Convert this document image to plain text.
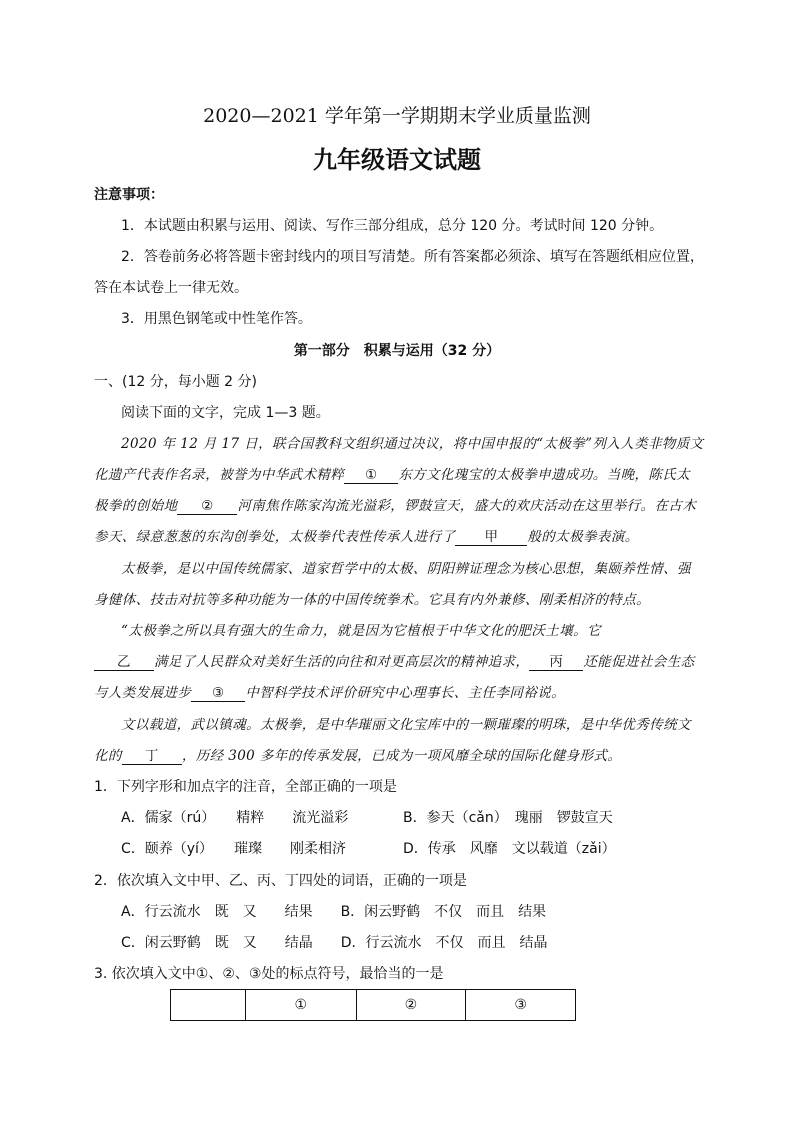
2020—2021 学年第一学期期末学业质量监测
九年级语文试题
注意事项：
1．本试题由积累与运用、阅读、写作三部分组成，总分 120 分。考试时间 120 分钟。
2．答卷前务必将答题卡密封线内的项目写清楚。所有答案都必须涂、填写在答题纸相应位置，
答在本试卷上一律无效。
3．用黑色钢笔或中性笔作答。
第一部分　积累与运用（32 分）
一、(12 分，每小题 2 分)
阅读下面的文字，完成 1—3 题。
2020 年 12 月 17 日，联合国教科文组织通过决议，将中国申报的“太极拳”列入人类非物质文
化遗产代表作名录，被誉为中华武术精粹 ① 东方文化瑰宝的太极拳申遗成功。当晚，陈氏太
极拳的创始地 ② 河南焦作陈家沟流光溢彩，锣鼓宣天，盛大的欢庆活动在这里举行。在古木
参天、绿意葱葱的东沟创拳处，太极拳代表性传承人进行了 甲 般的太极拳表演。
太极拳，是以中国传统儒家、道家哲学中的太极、阴阳辨证理念为核心思想，集颐养性情、强
身健体、技击对抗等多种功能为一体的中国传统拳术。它具有内外兼修、刚柔相济的特点。
“太极拳之所以具有强大的生命力，就是因为它植根于中华文化的肥沃土壤。它
乙 满足了人民群众对美好生活的向往和对更高层次的精神追求， 丙 还能促进社会生态
与人类发展进步 ③ 中智科学技术评价研究中心理事长、主任李同裕说。
文以载道，武以镇魂。太极拳，是中华璀丽文化宝库中的一颗璀璨的明珠，是中华优秀传统文
化的 丁 ，历经 300 多年的传承发展，已成为一项风靡全球的国际化健身形式。
1．下列字形和加点字的注音，全部正确的一项是
A．儒家（rú）　　精粹　　流光溢彩	B．参天（cǎn）　瑰丽　锣鼓宣天
C．颐养（yí）　　璀璨　　刚柔相济	D．传承　风靡　文以载道（zǎi）
2．依次填入文中甲、乙、丙、丁四处的词语，正确的一项是
A．行云流水　既　又　　结果　　B．闲云野鹤　不仅　而且　结果
C．闲云野鹤　既　又　　结晶　　D．行云流水　不仅　而且　结晶
3. 依次填入文中①、②、③处的标点符号，最恰当的一是
	①	②	③
